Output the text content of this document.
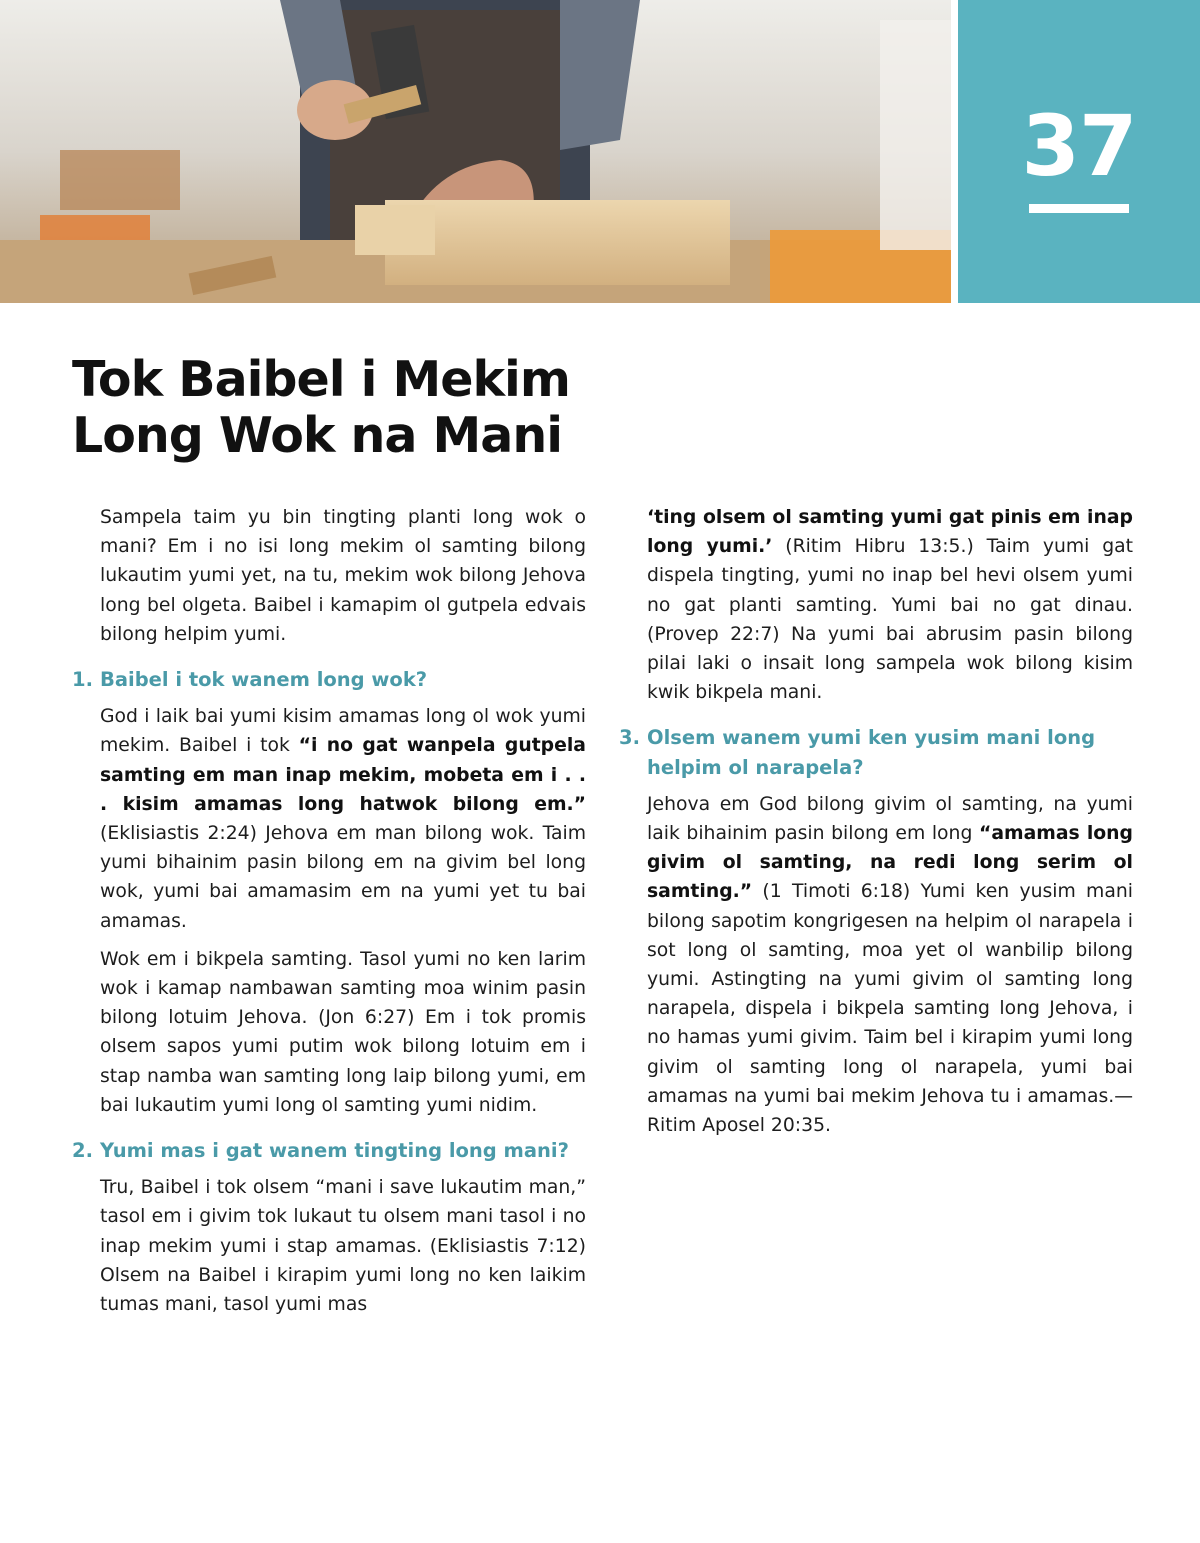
37
Tok Baibel i Mekim
Long Wok na Mani

Sampela taim yu bin tingting planti long wok o mani? Em i no isi long mekim ol samting bilong lukautim yumi yet, na tu, mekim wok bilong Jehova long bel olgeta. Baibel i kamapim ol gutpela edvais bilong helpim yumi.

1. Baibel i tok wanem long wok?

God i laik bai yumi kisim amamas long ol wok yumi mekim. Baibel i tok “i no gat wanpela gutpela samting em man inap mekim, mobeta em i . . . kisim amamas long hatwok bilong em.” (Eklisiastis 2:24) Jehova em man bilong wok. Taim yumi bihainim pasin bilong em na givim bel long wok, yumi bai amamasim em na yumi yet tu bai amamas.

Wok em i bikpela samting. Tasol yumi no ken larim wok i kamap nambawan samting moa winim pasin bilong lotuim Jehova. (Jon 6:27) Em i tok promis olsem sapos yumi putim wok bilong lotuim em i stap namba wan samting long laip bilong yumi, em bai lukautim yumi long ol samting yumi nidim.

2. Yumi mas i gat wanem tingting long mani?

Tru, Baibel i tok olsem “mani i save lukautim man,” tasol em i givim tok lukaut tu olsem mani tasol i no inap mekim yumi i stap amamas. (Eklisiastis 7:12) Olsem na Baibel i kirapim yumi long no ken laikim tumas mani, tasol yumi mas

‘ting olsem ol samting yumi gat pinis em inap long yumi.’ (Ritim Hibru 13:5.) Taim yumi gat dispela tingting, yumi no inap bel hevi olsem yumi no gat planti samting. Yumi bai no gat dinau. (Provep 22:7) Na yumi bai abrusim pasin bilong pilai laki o insait long sampela wok bilong kisim kwik bikpela mani.

3. Olsem wanem yumi ken yusim mani long helpim ol narapela?

Jehova em God bilong givim ol samting, na yumi laik bihainim pasin bilong em long “amamas long givim ol samting, na redi long serim ol samting.” (1 Timoti 6:18) Yumi ken yusim mani bilong sapotim kongrigesen na helpim ol narapela i sot long ol samting, moa yet ol wanbilip bilong yumi. Astingting na yumi givim ol samting long narapela, dispela i bikpela samting long Jehova, i no hamas yumi givim. Taim bel i kirapim yumi long givim ol samting long ol narapela, yumi bai amamas na yumi bai mekim Jehova tu i amamas.—Ritim Aposel 20:35.
